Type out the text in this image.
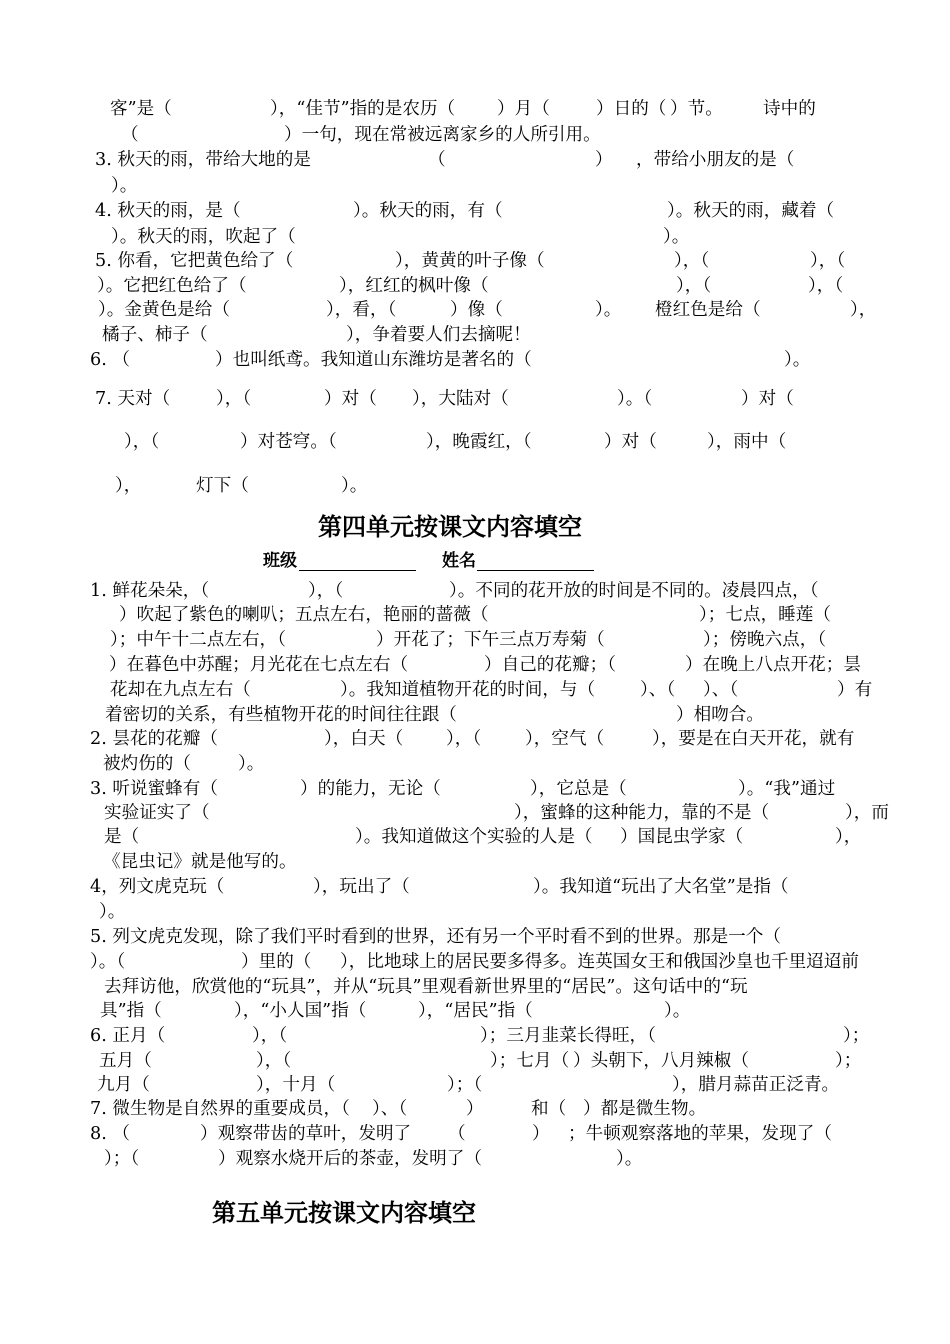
客”是（	），“佳节”指的是农历（ ）月（	）日的（ ）节。 诗中的
（	）一句，现在常被远离家乡的人所引用。
3. 秋天的雨，带给大地的是	（	） ，带给小朋友的是（
）。
4. 秋天的雨，是（	）。秋天的雨，有（	）。秋天的雨，藏着（
）。秋天的雨，吹起了（	）。
5. 你看，它把黄色给了（	），黄黄的叶子像（	），（	），（
）。它把红色给了（	），红红的枫叶像（	），（	），（
）。金黄色是给（	），看，（	）像（	）。 橙红色是给（	），
橘子、柿子（	），争着要人们去摘呢！
6. （	）也叫纸鸢。我知道山东潍坊是著名的（	）。
7. 天对（	），（	）对（ ），大陆对（	）。（	）对（
），（	）对苍穹。（	），晚霞红，（	）对（	），雨中（
），	灯下（	）。
第四单元按课文内容填空
班级	姓名
1. 鲜花朵朵，（	），（	）。不同的花开放的时间是不同的。凌晨四点，（
）吹起了紫色的喇叭；五点左右，艳丽的蔷薇（	）；七点，睡莲（
）；中午十二点左右，（	）开花了；下午三点万寿菊（	）；傍晚六点，（
）在暮色中苏醒；月光花在七点左右（	）自己的花瓣；（	）在晚上八点开花；昙
花却在九点左右（	）。我知道植物开花的时间，与（	）、（ ）、（	）有
着密切的关系，有些植物开花的时间往往跟（	）相吻合。
2. 昙花的花瓣（	），白天（ ），（ ），空气（	），要是在白天开花，就有
被灼伤的（	）。
3. 听说蜜蜂有（	）的能力，无论（	），它总是（	）。“我”通过
实验证实了（	），蜜蜂的这种能力，靠的不是（	），而
是（	）。我知道做这个实验的人是（ ）国昆虫学家（	），
《昆虫记》就是他写的。
4，列文虎克玩（	），玩出了（	）。我知道“玩出了大名堂”是指（
）。
5. 列文虎克发现，除了我们平时看到的世界，还有另一个平时看不到的世界。那是一个（
）。（	）里的（ ），比地球上的居民要多得多。连英国女王和俄国沙皇也千里迢迢前
去拜访他，欣赏他的“玩具”，并从“玩具”里观看新世界里的“居民”。这句话中的“玩
具”指（	），“小人国”指（	），“居民”指（	）。
6. 正月（	），（	）；三月韭菜长得旺，（	）；
五月（	），（	）；七月（ ）头朝下，八月辣椒（	）；
九月（	），十月（	）；（	），腊月蒜苗正泛青。
7. 微生物是自然界的重要成员，（ ）、（	）	和（ ）都是微生物。
8. （	）观察带齿的草叶，发明了 （	） ；牛顿观察落地的苹果，发现了（
）；（	）观察水烧开后的茶壶，发明了（	）。
第五单元按课文内容填空
